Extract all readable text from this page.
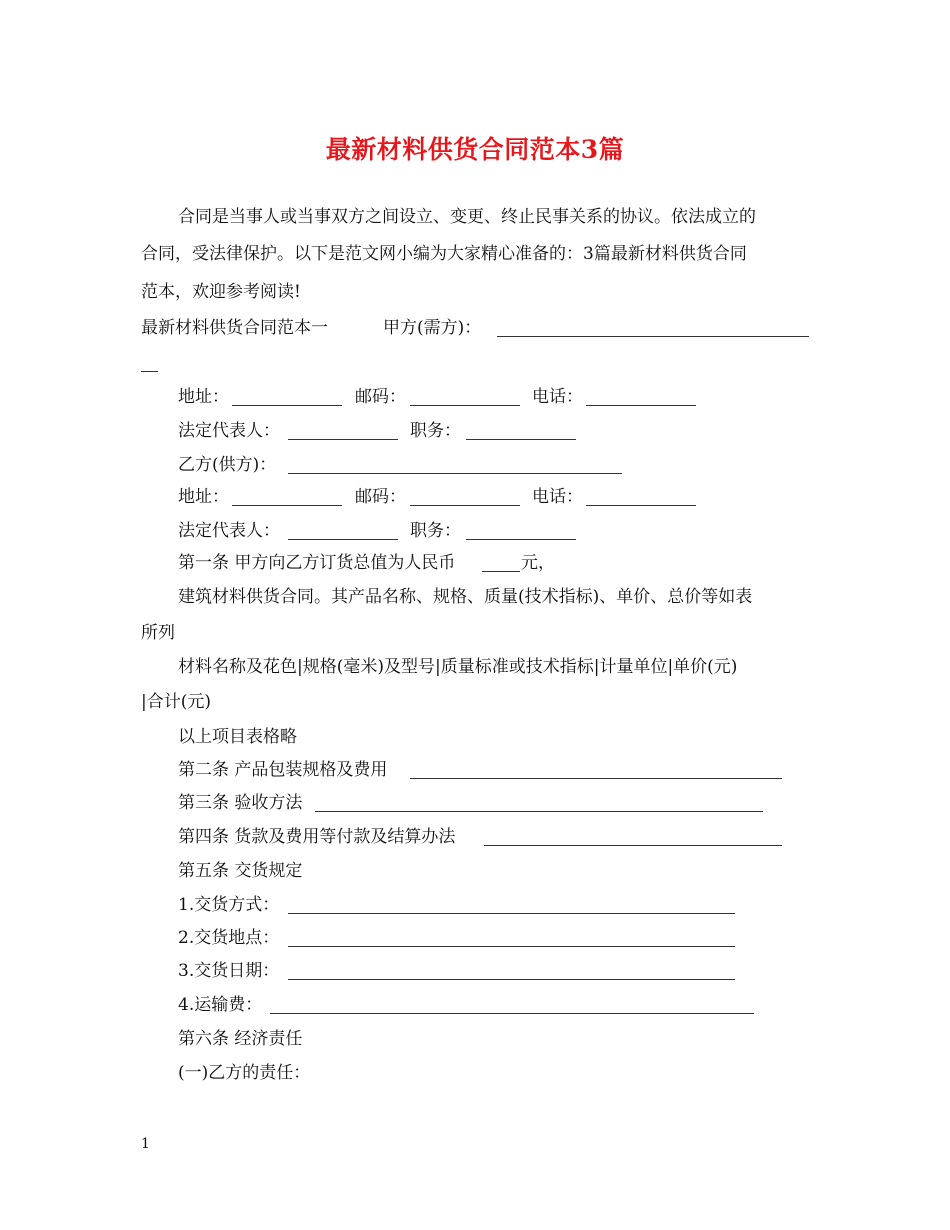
最新材料供货合同范本3篇
合同是当事人或当事双方之间设立、变更、终止民事关系的协议。依法成立的
合同，受法律保护。以下是范文网小编为大家精心准备的：3篇最新材料供货合同
范本，欢迎参考阅读!
最新材料供货合同范本一	甲方(需方)：
地址：	邮码：	电话：
法定代表人：	职务：
乙方(供方)：
地址：	邮码：	电话：
法定代表人：	职务：
第一条 甲方向乙方订货总值为人民币	元，
建筑材料供货合同。其产品名称、规格、质量(技术指标)、单价、总价等如表
所列
材料名称及花色|规格(毫米)及型号|质量标准或技术指标|计量单位|单价(元)
|合计(元)
以上项目表格略
第二条 产品包装规格及费用
第三条 验收方法
第四条 货款及费用等付款及结算办法
第五条 交货规定
1.交货方式：
2.交货地点：
3.交货日期：
4.运输费：
第六条 经济责任
(一)乙方的责任：
1
